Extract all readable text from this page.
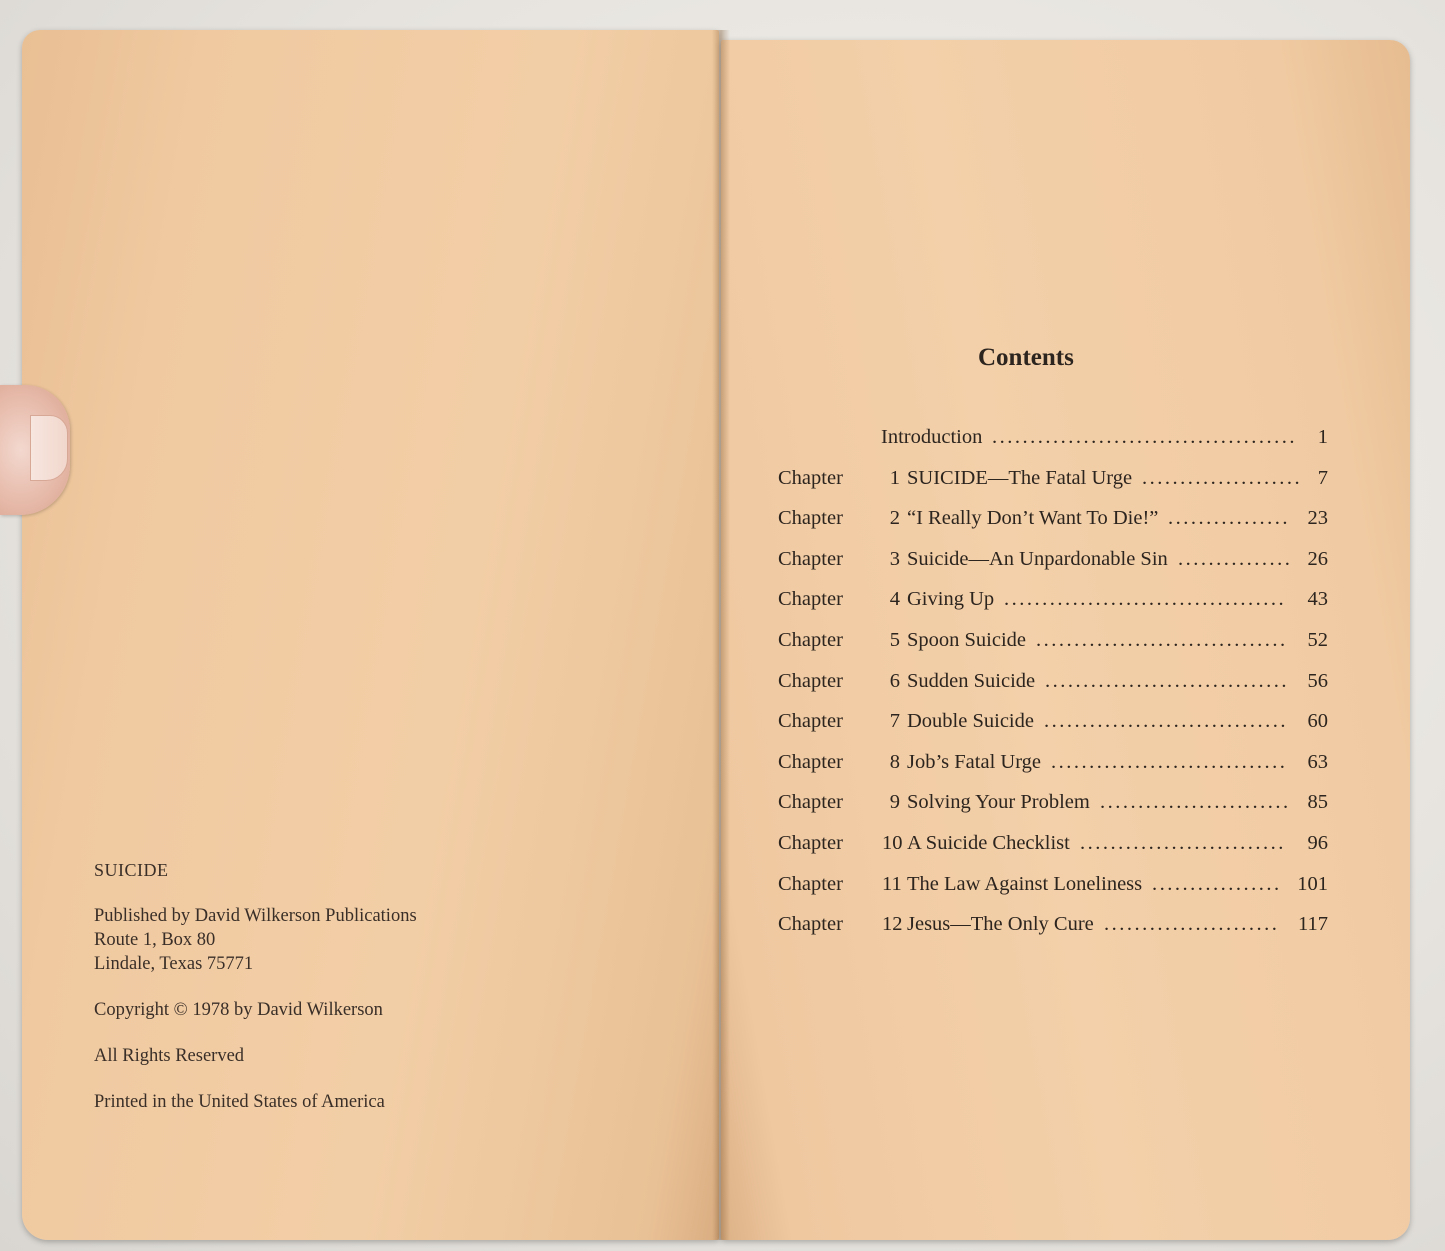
SUICIDE
Published by David Wilkerson Publications
Route 1, Box 80
Lindale, Texas 75771
Copyright © 1978 by David Wilkerson
All Rights Reserved
Printed in the United States of America
Contents
Introduction ........................................	1
Chapter	1 SUICIDE—The Fatal Urge ..................... 7
Chapter	2 “I Really Don’t Want To Die!” ................ 23
Chapter	3 Suicide—An Unpardonable Sin ............... 26
Chapter	4 Giving Up .....................................	43
Chapter	5 Spoon Suicide ................................. 52
Chapter	6 Sudden Suicide ................................ 56
Chapter	7 Double Suicide ................................ 60
Chapter	8 Job’s Fatal Urge ............................... 63
Chapter	9 Solving Your Problem ......................... 85
Chapter 10 A Suicide Checklist ...........................	96
Chapter 11 The Law Against Loneliness ................. 101
Chapter 12 Jesus—The Only Cure ....................... 117
